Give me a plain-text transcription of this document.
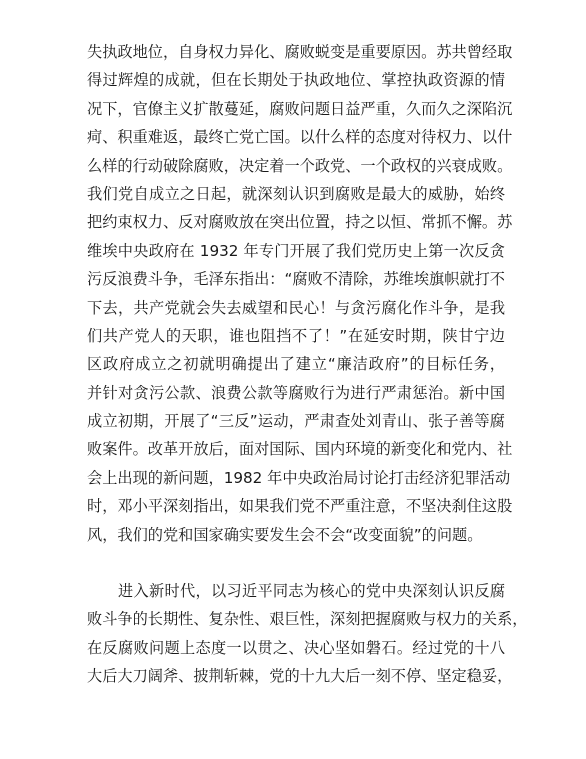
失执政地位，自身权力异化、腐败蜕变是重要原因。苏共曾经取
得过辉煌的成就，但在长期处于执政地位、掌控执政资源的情
况下，官僚主义扩散蔓延，腐败问题日益严重，久而久之深陷沉
疴、积重难返，最终亡党亡国。以什么样的态度对待权力、以什
么样的行动破除腐败，决定着一个政党、一个政权的兴衰成败。
我们党自成立之日起，就深刻认识到腐败是最大的威胁，始终
把约束权力、反对腐败放在突出位置，持之以恒、常抓不懈。苏
维埃中央政府在 1932 年专门开展了我们党历史上第一次反贪
污反浪费斗争，毛泽东指出：“腐败不清除，苏维埃旗帜就打不
下去，共产党就会失去威望和民心！与贪污腐化作斗争，是我
们共产党人的天职，谁也阻挡不了！”在延安时期，陕甘宁边
区政府成立之初就明确提出了建立“廉洁政府”的目标任务，
并针对贪污公款、浪费公款等腐败行为进行严肃惩治。新中国
成立初期，开展了“三反”运动，严肃查处刘青山、张子善等腐
败案件。改革开放后，面对国际、国内环境的新变化和党内、社
会上出现的新问题，1982 年中央政治局讨论打击经济犯罪活动
时，邓小平深刻指出，如果我们党不严重注意，不坚决刹住这股
风，我们的党和国家确实要发生会不会“改变面貌”的问题。
进入新时代，以习近平同志为核心的党中央深刻认识反腐
败斗争的长期性、复杂性、艰巨性，深刻把握腐败与权力的关系，
在反腐败问题上态度一以贯之、决心坚如磐石。经过党的十八
大后大刀阔斧、披荆斩棘，党的十九大后一刻不停、坚定稳妥，
